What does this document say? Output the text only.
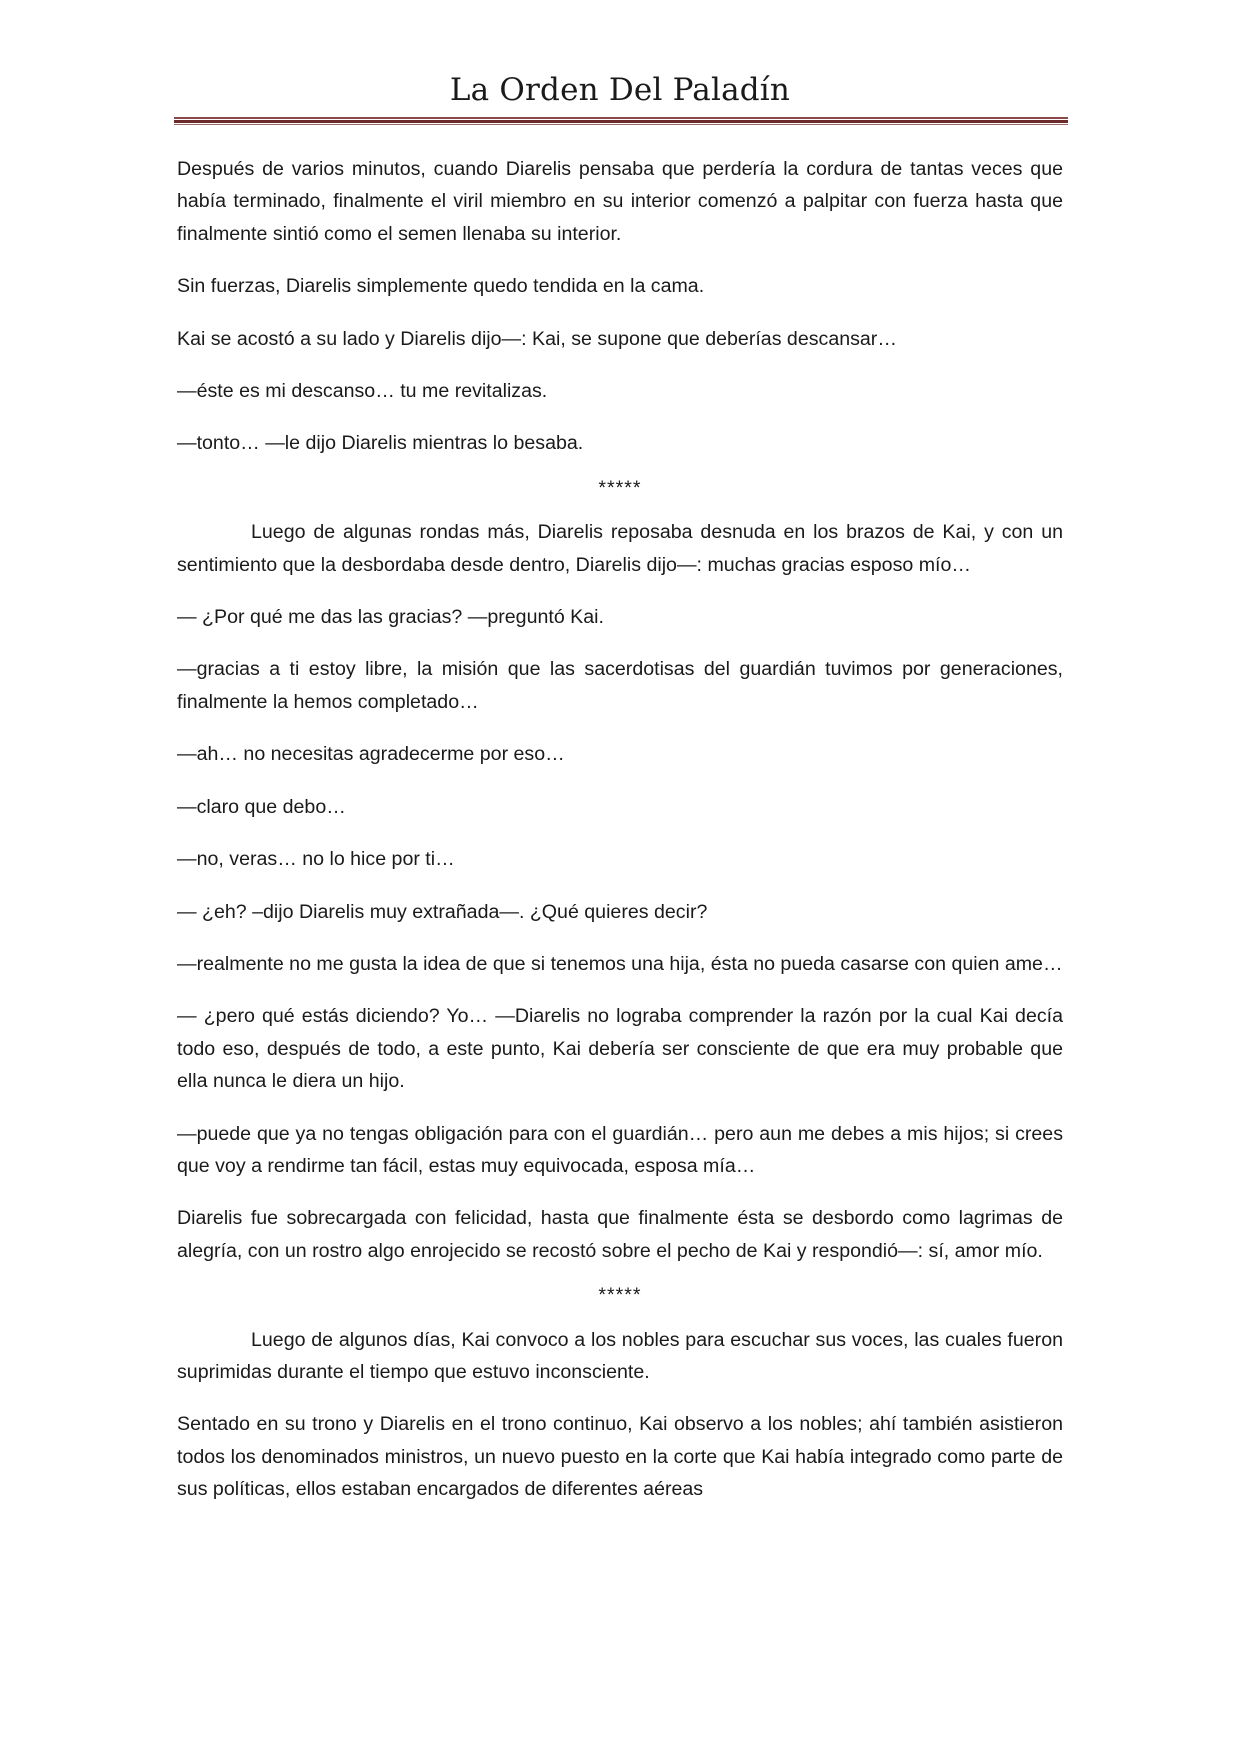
La Orden Del Paladín

Después de varios minutos, cuando Diarelis pensaba que perdería la cordura de tantas veces que había terminado, finalmente el viril miembro en su interior comenzó a palpitar con fuerza hasta que finalmente sintió como el semen llenaba su interior.

Sin fuerzas, Diarelis simplemente quedo tendida en la cama.

Kai se acostó a su lado y Diarelis dijo—: Kai, se supone que deberías descansar…

—éste es mi descanso… tu me revitalizas.

—tonto… —le dijo Diarelis mientras lo besaba.

*****

Luego de algunas rondas más, Diarelis reposaba desnuda en los brazos de Kai, y con un sentimiento que la desbordaba desde dentro, Diarelis dijo—: muchas gracias esposo mío…

— ¿Por qué me das las gracias? —preguntó Kai.

—gracias a ti estoy libre, la misión que las sacerdotisas del guardián tuvimos por generaciones, finalmente la hemos completado…

—ah… no necesitas agradecerme por eso…

—claro que debo…

—no, veras… no lo hice por ti…

— ¿eh? –dijo Diarelis muy extrañada—. ¿Qué quieres decir?

—realmente no me gusta la idea de que si tenemos una hija, ésta no pueda casarse con quien ame…

— ¿pero qué estás diciendo? Yo… —Diarelis no lograba comprender la razón por la cual Kai decía todo eso, después de todo, a este punto, Kai debería ser consciente de que era muy probable que ella nunca le diera un hijo.

—puede que ya no tengas obligación para con el guardián… pero aun me debes a mis hijos; si crees que voy a rendirme tan fácil, estas muy equivocada, esposa mía…

Diarelis fue sobrecargada con felicidad, hasta que finalmente ésta se desbordo como lagrimas de alegría, con un rostro algo enrojecido se recostó sobre el pecho de Kai y respondió—: sí, amor mío.

*****

Luego de algunos días, Kai convoco a los nobles para escuchar sus voces, las cuales fueron suprimidas durante el tiempo que estuvo inconsciente.

Sentado en su trono y Diarelis en el trono continuo, Kai observo a los nobles; ahí también asistieron todos los denominados ministros, un nuevo puesto en la corte que Kai había integrado como parte de sus políticas, ellos estaban encargados de diferentes aéreas
